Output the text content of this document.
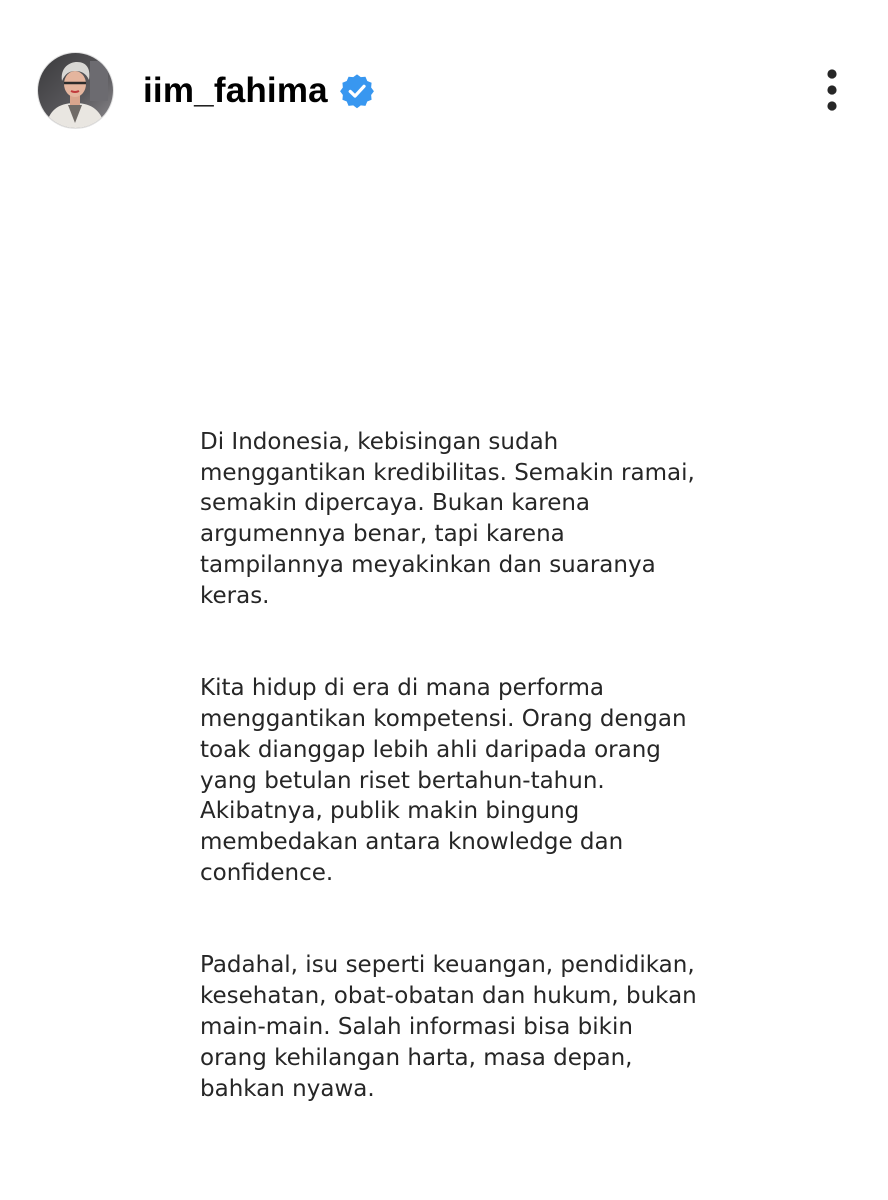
iim_fahima

Di Indonesia, kebisingan sudah
menggantikan kredibilitas. Semakin ramai,
semakin dipercaya. Bukan karena
argumennya benar, tapi karena
tampilannya meyakinkan dan suaranya
keras.

Kita hidup di era di mana performa
menggantikan kompetensi. Orang dengan
toak dianggap lebih ahli daripada orang
yang betulan riset bertahun-tahun.
Akibatnya, publik makin bingung
membedakan antara knowledge dan
confidence.

Padahal, isu seperti keuangan, pendidikan,
kesehatan, obat-obatan dan hukum, bukan
main-main. Salah informasi bisa bikin
orang kehilangan harta, masa depan,
bahkan nyawa.
